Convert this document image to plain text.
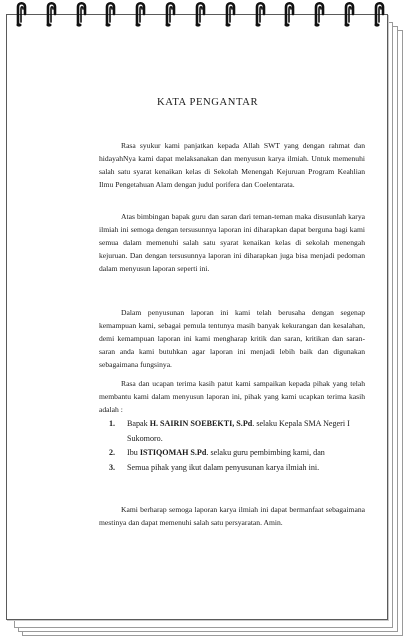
KATA PENGANTAR

Rasa syukur kami panjatkan kepada Allah SWT yang dengan rahmat dan hidayahNya kami dapat melaksanakan dan menyusun karya ilmiah. Untuk memenuhi salah satu syarat kenaikan kelas di Sekolah Menengah Kejuruan Program Keahlian Ilmu Pengetahuan Alam dengan judul porifera dan Coelentarata.

Atas bimbingan bapak guru dan saran dari teman-teman maka disusunlah karya ilmiah ini semoga dengan tersusunnya laporan ini diharapkan dapat berguna bagi kami semua dalam memenuhi salah satu syarat kenaikan kelas di sekolah menengah kejuruan. Dan dengan tersusunnya laporan ini diharapkan juga bisa menjadi pedoman dalam menyusun laporan seperti ini.

Dalam penyusunan laporan ini kami telah berusaha dengan segenap kemampuan kami, sebagai pemula tentunya masih banyak kekurangan dan kesalahan, demi kemampuan laporan ini kami mengharap kritik dan saran, kritikan dan saran-saran anda kami butuhkan agar laporan ini menjadi lebih baik dan digunakan sebagaimana fungsinya.

Rasa dan ucapan terima kasih patut kami sampaikan kepada pihak yang telah membantu kami dalam menyusun laporan ini, pihak yang kami ucapkan terima kasih adalah :

1. Bapak H. SAIRIN SOEBEKTI, S.Pd. selaku Kepala SMA Negeri I Sukomoro.
2. Ibu ISTIQOMAH S.Pd. selaku guru pembimbing kami, dan
3. Semua pihak yang ikut dalam penyusunan karya ilmiah ini.

Kami berharap semoga laporan karya ilmiah ini dapat bermanfaat sebagaimana mestinya dan dapat memenuhi salah satu persyaratan. Amin.
